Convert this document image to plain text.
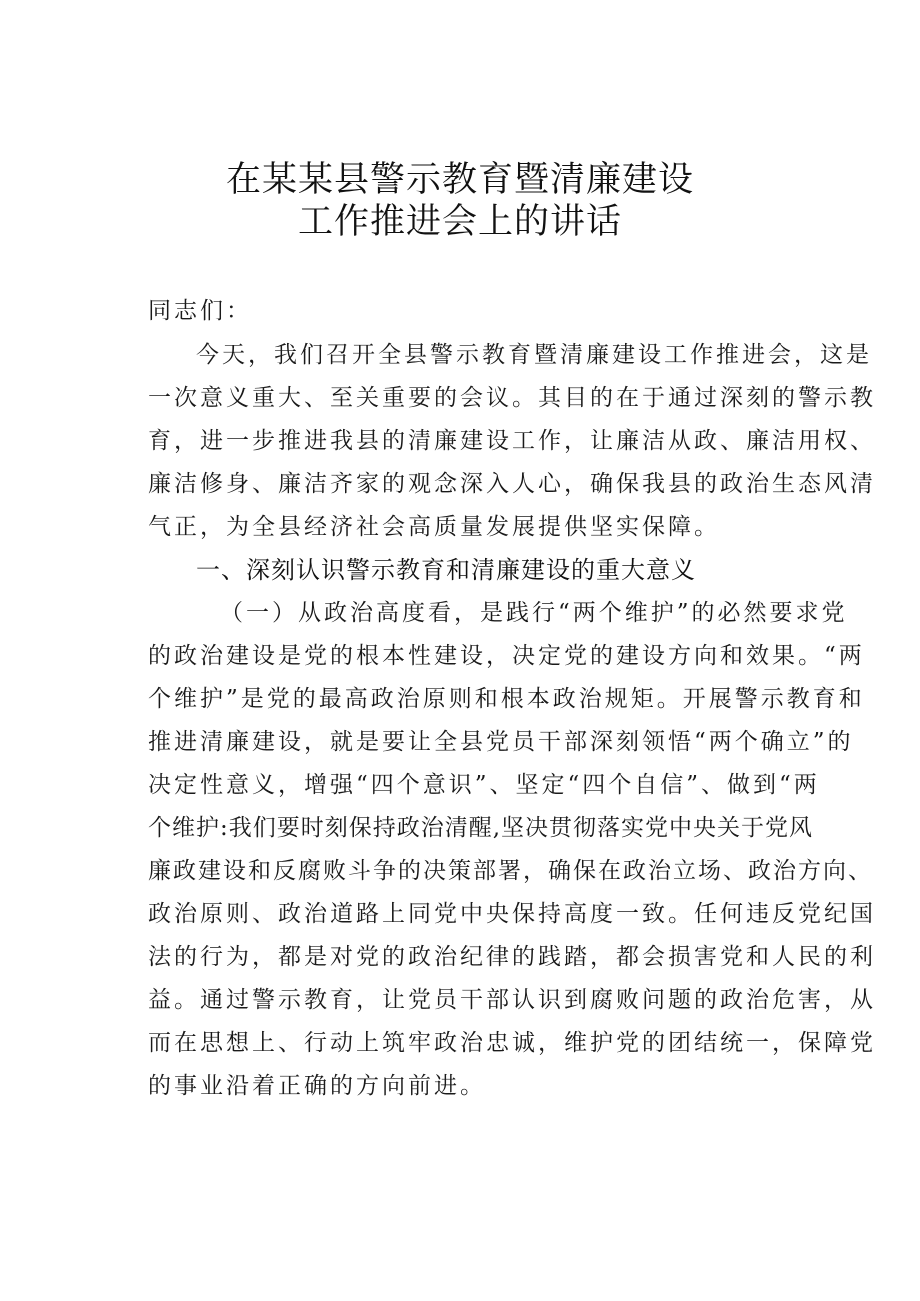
在某某县警示教育暨清廉建设
工作推进会上的讲话
同志们：
今天，我们召开全县警示教育暨清廉建设工作推进会，这是
一次意义重大、至关重要的会议。其目的在于通过深刻的警示教
育，进一步推进我县的清廉建设工作，让廉洁从政、廉洁用权、
廉洁修身、廉洁齐家的观念深入人心，确保我县的政治生态风清
气正，为全县经济社会高质量发展提供坚实保障。
一、深刻认识警示教育和清廉建设的重大意义
（一）从政治高度看，是践行“两个维护”的必然要求党
的政治建设是党的根本性建设，决定党的建设方向和效果。“两
个维护”是党的最高政治原则和根本政治规矩。开展警示教育和
推进清廉建设，就是要让全县党员干部深刻领悟“两个确立”的
决定性意义，增强“四个意识”、坚定“四个自信”、做到“两
个维护:我们要时刻保持政治清醒,坚决贯彻落实党中央关于党风
廉政建设和反腐败斗争的决策部署，确保在政治立场、政治方向、
政治原则、政治道路上同党中央保持高度一致。任何违反党纪国
法的行为，都是对党的政治纪律的践踏，都会损害党和人民的利
益。通过警示教育，让党员干部认识到腐败问题的政治危害，从
而在思想上、行动上筑牢政治忠诚，维护党的团结统一，保障党
的事业沿着正确的方向前进。
